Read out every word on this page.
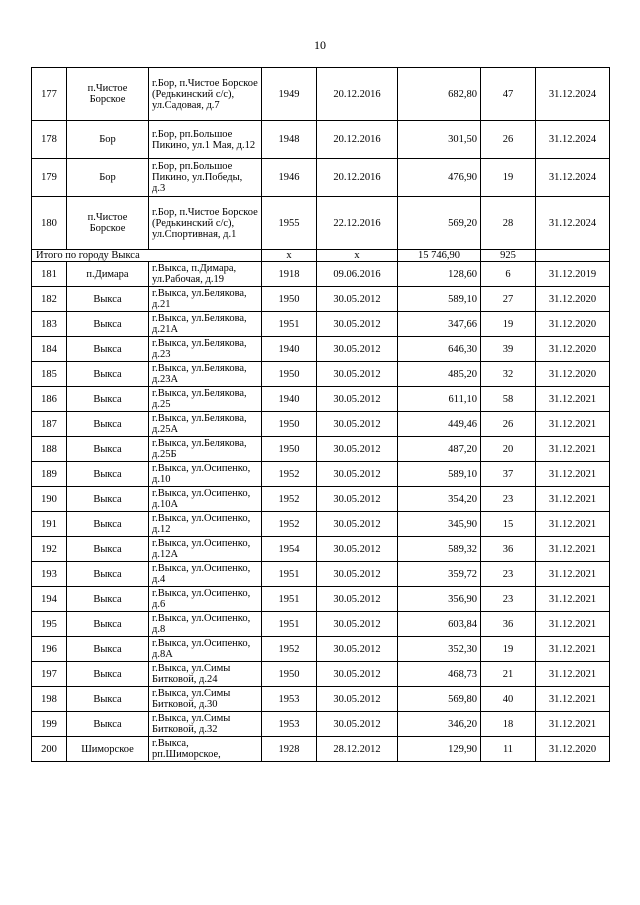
10
177	п.Чистое Борское	г.Бор, п.Чистое Борское (Редькинский с/с), ул.Садовая, д.7	1949	20.12.2016	682,80	47	31.12.2024
178	Бор	г.Бор, рп.Большое Пикино, ул.1 Мая, д.12	1948	20.12.2016	301,50	26	31.12.2024
179	Бор	г.Бор, рп.Большое Пикино, ул.Победы, д.3	1946	20.12.2016	476,90	19	31.12.2024
180	п.Чистое Борское	г.Бор, п.Чистое Борское (Редькинский с/с), ул.Спортивная, д.1	1955	22.12.2016	569,20	28	31.12.2024
Итого по городу Выкса			х	х	15 746,90	925	
181	п.Димара	г.Выкса, п.Димара, ул.Рабочая, д.19	1918	09.06.2016	128,60	6	31.12.2019
182	Выкса	г.Выкса, ул.Белякова, д.21	1950	30.05.2012	589,10	27	31.12.2020
183	Выкса	г.Выкса, ул.Белякова, д.21А	1951	30.05.2012	347,66	19	31.12.2020
184	Выкса	г.Выкса, ул.Белякова, д.23	1940	30.05.2012	646,30	39	31.12.2020
185	Выкса	г.Выкса, ул.Белякова, д.23А	1950	30.05.2012	485,20	32	31.12.2020
186	Выкса	г.Выкса, ул.Белякова, д.25	1940	30.05.2012	611,10	58	31.12.2021
187	Выкса	г.Выкса, ул.Белякова, д.25А	1950	30.05.2012	449,46	26	31.12.2021
188	Выкса	г.Выкса, ул.Белякова, д.25Б	1950	30.05.2012	487,20	20	31.12.2021
189	Выкса	г.Выкса, ул.Осипенко, д.10	1952	30.05.2012	589,10	37	31.12.2021
190	Выкса	г.Выкса, ул.Осипенко, д.10А	1952	30.05.2012	354,20	23	31.12.2021
191	Выкса	г.Выкса, ул.Осипенко, д.12	1952	30.05.2012	345,90	15	31.12.2021
192	Выкса	г.Выкса, ул.Осипенко, д.12А	1954	30.05.2012	589,32	36	31.12.2021
193	Выкса	г.Выкса, ул.Осипенко, д.4	1951	30.05.2012	359,72	23	31.12.2021
194	Выкса	г.Выкса, ул.Осипенко, д.6	1951	30.05.2012	356,90	23	31.12.2021
195	Выкса	г.Выкса, ул.Осипенко, д.8	1951	30.05.2012	603,84	36	31.12.2021
196	Выкса	г.Выкса, ул.Осипенко, д.8А	1952	30.05.2012	352,30	19	31.12.2021
197	Выкса	г.Выкса, ул.Симы Битковой, д.24	1950	30.05.2012	468,73	21	31.12.2021
198	Выкса	г.Выкса, ул.Симы Битковой, д.30	1953	30.05.2012	569,80	40	31.12.2021
199	Выкса	г.Выкса, ул.Симы Битковой, д.32	1953	30.05.2012	346,20	18	31.12.2021
200	Шиморское	г.Выкса, рп.Шиморское,	1928	28.12.2012	129,90	11	31.12.2020
